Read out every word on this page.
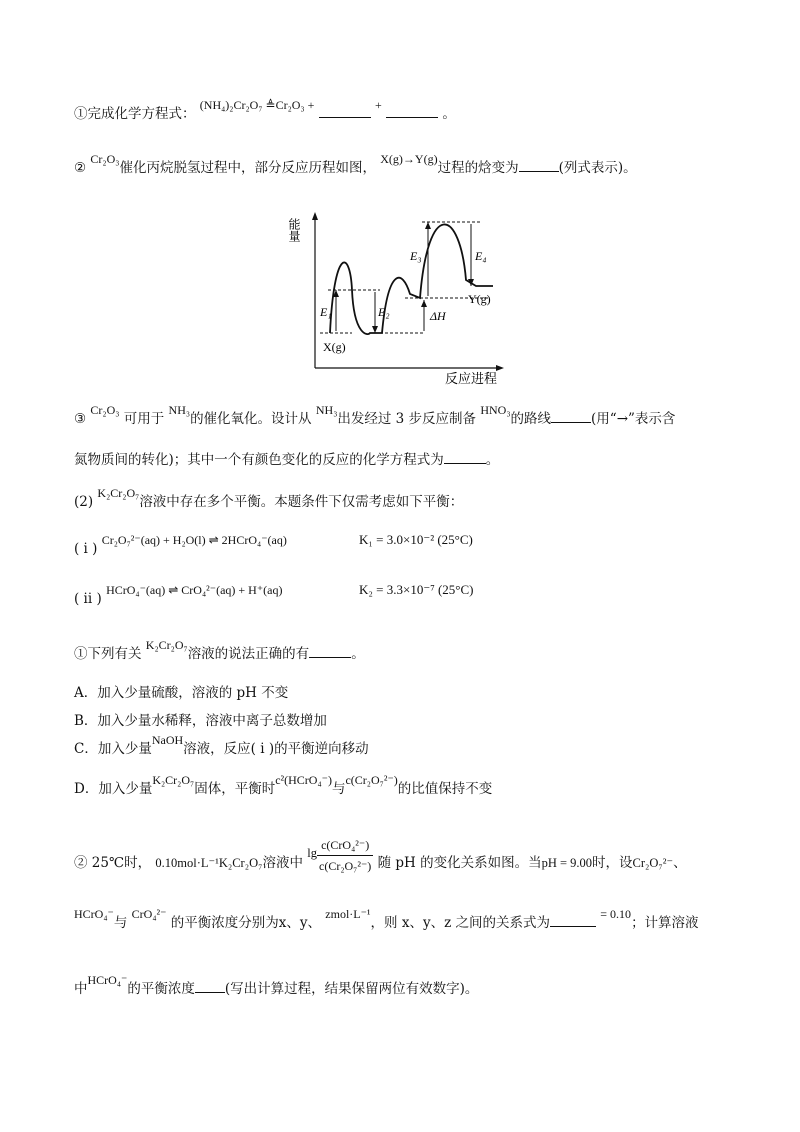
①完成化学方程式： (NH₄)₂Cr₂O₇ ≜Cr₂O₃ +	+  。
② Cr₂O₃催化丙烷脱氢过程中，部分反应历程如图， X(g)→Y(g)过程的焓变为	(列式表示)。
能量
反应进程
E₁	E₂	ΔH
E₃	E₄
X(g)
Y(g)
③ Cr₂O₃ 可用于 NH₃的催化氧化。设计从 NH₃出发经过 3 步反应制备 HNO₃的路线	(用“→”表示含
氮物质间的转化)；其中一个有颜色变化的反应的化学方程式为	。
(2) K₂Cr₂O₇溶液中存在多个平衡。本题条件下仅需考虑如下平衡：
( i ) Cr₂O₇²⁻(aq) + H₂O(l) ⇌ 2HCrO₄⁻(aq)	K₁ = 3.0×10⁻² (25°C)
( ii ) HCrO₄⁻(aq) ⇌ CrO₄²⁻(aq) + H⁺(aq)	K₂ = 3.3×10⁻⁷ (25°C)
①下列有关 K₂Cr₂O₇溶液的说法正确的有	。
A．加入少量硫酸，溶液的 pH 不变
B．加入少量水稀释，溶液中离子总数增加
C．加入少量NaOH溶液，反应( i )的平衡逆向移动
D．加入少量K₂Cr₂O₇固体，平衡时c²(HCrO₄⁻)与c(Cr₂O₇²⁻)的比值保持不变
② 25℃时， 0.10mol·L⁻¹K₂Cr₂O₇溶液中 $\lg \frac{\text{c(CrO₄²⁻)}}{\text{c(Cr₂O₇²⁻)}}$ 随 pH 的变化关系如图。当pH = 9.00时，设Cr₂O₇²⁻、
HCrO₄⁻与 CrO₄²⁻ 的平衡浓度分别为x、y、 zmol·L⁻¹，则 x、y、z 之间的关系式为 = 0.10；计算溶液
中HCrO₄⁻的平衡浓度 (写出计算过程，结果保留两位有效数字)。
